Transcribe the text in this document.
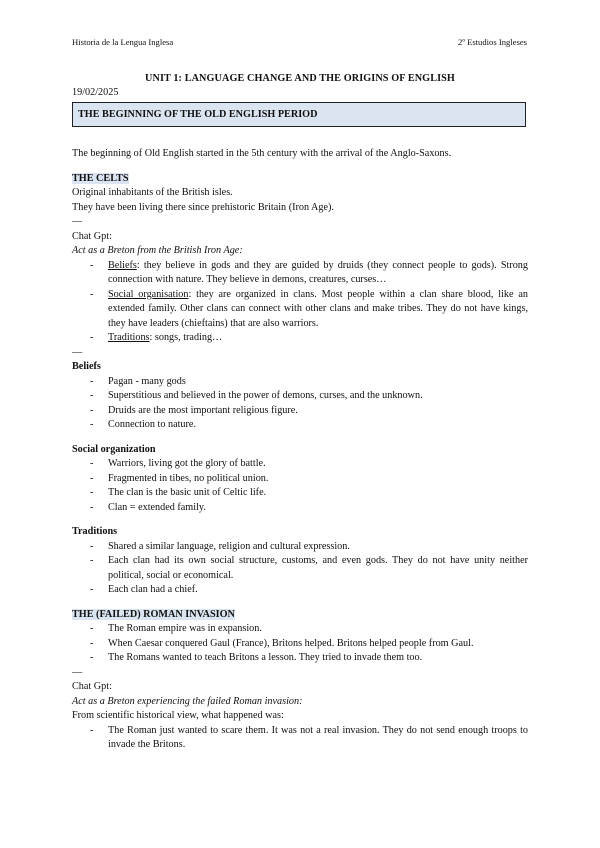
Historia de la Lengua Inglesa	2º Estudios Ingleses
UNIT 1: LANGUAGE CHANGE AND THE ORIGINS OF ENGLISH
19/02/2025
THE BEGINNING OF THE OLD ENGLISH PERIOD

The beginning of Old English started in the 5th century with the arrival of the Anglo-Saxons.

THE CELTS

Original inhabitants of the British isles.

They have been living there since prehistoric Britain (Iron Age).

—

Chat Gpt:

Act as a Breton from the British Iron Age:

- Beliefs: they believe in gods and they are guided by druids (they connect people to gods). Strong connection with nature. They believe in demons, creatures, curses…
- Social organisation: they are organized in clans. Most people within a clan share blood, like an extended family. Other clans can connect with other clans and make tribes. They do not have kings, they have leaders (chieftains) that are also warriors.
- Traditions: songs, trading…

—

Beliefs

- Pagan - many gods
- Superstitious and believed in the power of demons, curses, and the unknown.
- Druids are the most important religious figure.
- Connection to nature.

Social organization

- Warriors, living got the glory of battle.
- Fragmented in tibes, no political union.
- The clan is the basic unit of Celtic life.
- Clan = extended family.

Traditions

- Shared a similar language, religion and cultural expression.
- Each clan had its own social structure, customs, and even gods. They do not have unity neither political, social or economical.
- Each clan had a chief.

THE (FAILED) ROMAN INVASION

- The Roman empire was in expansion.
- When Caesar conquered Gaul (France), Britons helped. Britons helped people from Gaul.
- The Romans wanted to teach Britons a lesson. They tried to invade them too.

—

Chat Gpt:

Act as a Breton experiencing the failed Roman invasion:

From scientific historical view, what happened was:

- The Roman just wanted to scare them. It was not a real invasion. They do not send enough troops to invade the Britons.
